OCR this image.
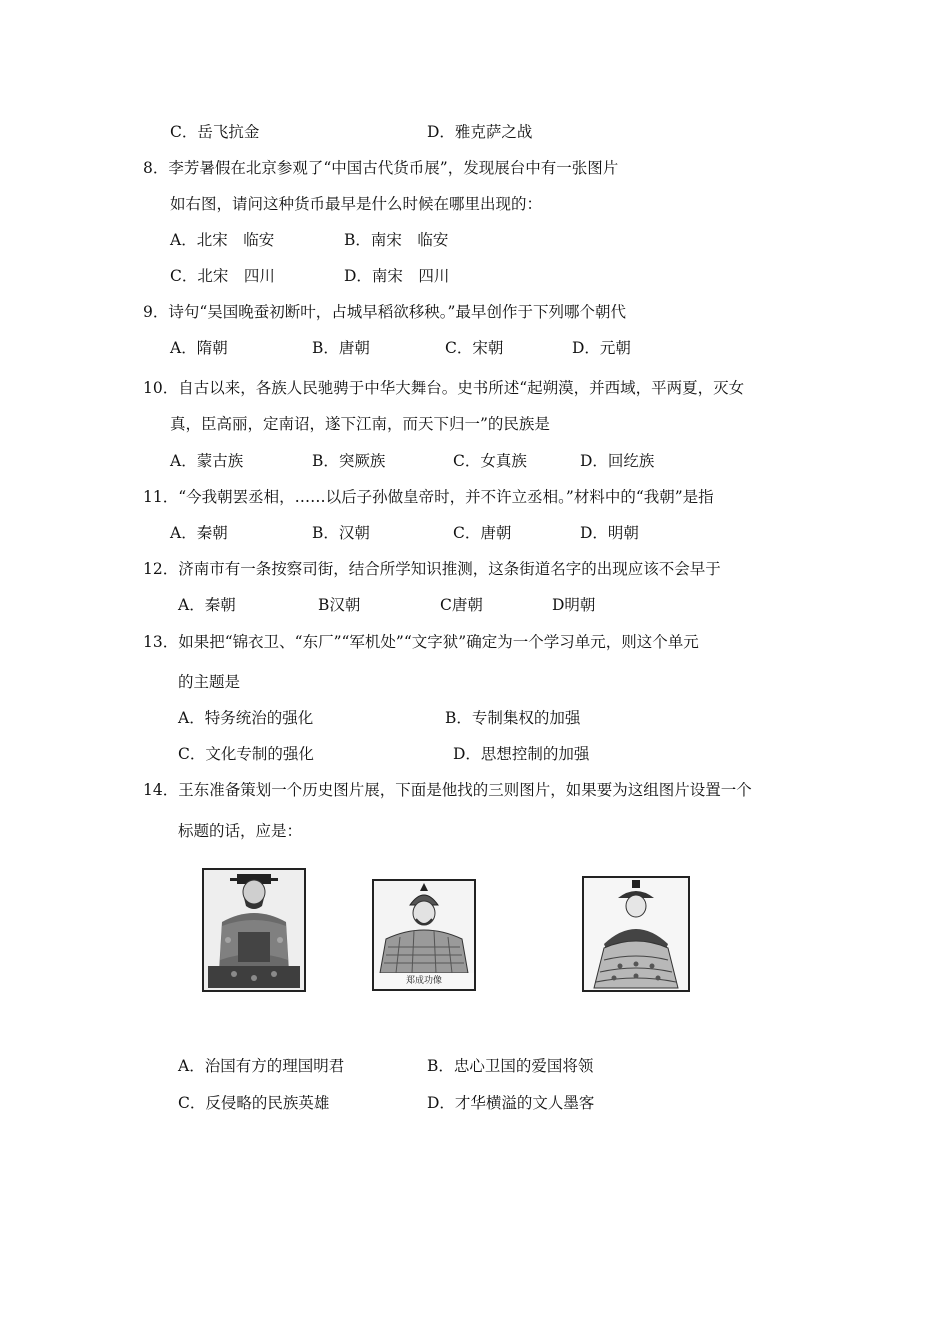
C．岳飞抗金	D．雅克萨之战
8．李芳暑假在北京参观了“中国古代货币展”，发现展台中有一张图片
如右图，请问这种货币最早是什么时候在哪里出现的：
A．北宋　临安	B．南宋　临安
C．北宋　四川	D．南宋　四川
9．诗句“吴国晚蚕初断叶，占城早稻欲移秧。”最早创作于下列哪个朝代
A．隋朝	B．唐朝	C．宋朝	D．元朝
10．自古以来，各族人民驰骋于中华大舞台。史书所述“起朔漠，并西域，平两夏，灭女
真，臣高丽，定南诏，遂下江南，而天下归一”的民族是
A．蒙古族	B．突厥族	C．女真族	D．回纥族
11．“今我朝罢丞相，……以后子孙做皇帝时，并不许立丞相。”材料中的“我朝”是指
A．秦朝	B．汉朝	C．唐朝	D．明朝
12．济南市有一条按察司街，结合所学知识推测，这条街道名字的出现应该不会早于
A．秦朝	B汉朝	C唐朝	D明朝
13．如果把“锦衣卫、“东厂”“军机处”“文字狱”确定为一个学习单元，则这个单元
的主题是
A．特务统治的强化	B．专制集权的加强
C．文化专制的强化	D．思想控制的加强
14．王东准备策划一个历史图片展，下面是他找的三则图片，如果要为这组图片设置一个
标题的话，应是：
郑成功像
A．治国有方的理国明君	B．忠心卫国的爱国将领
C．反侵略的民族英雄	D．才华横溢的文人墨客
